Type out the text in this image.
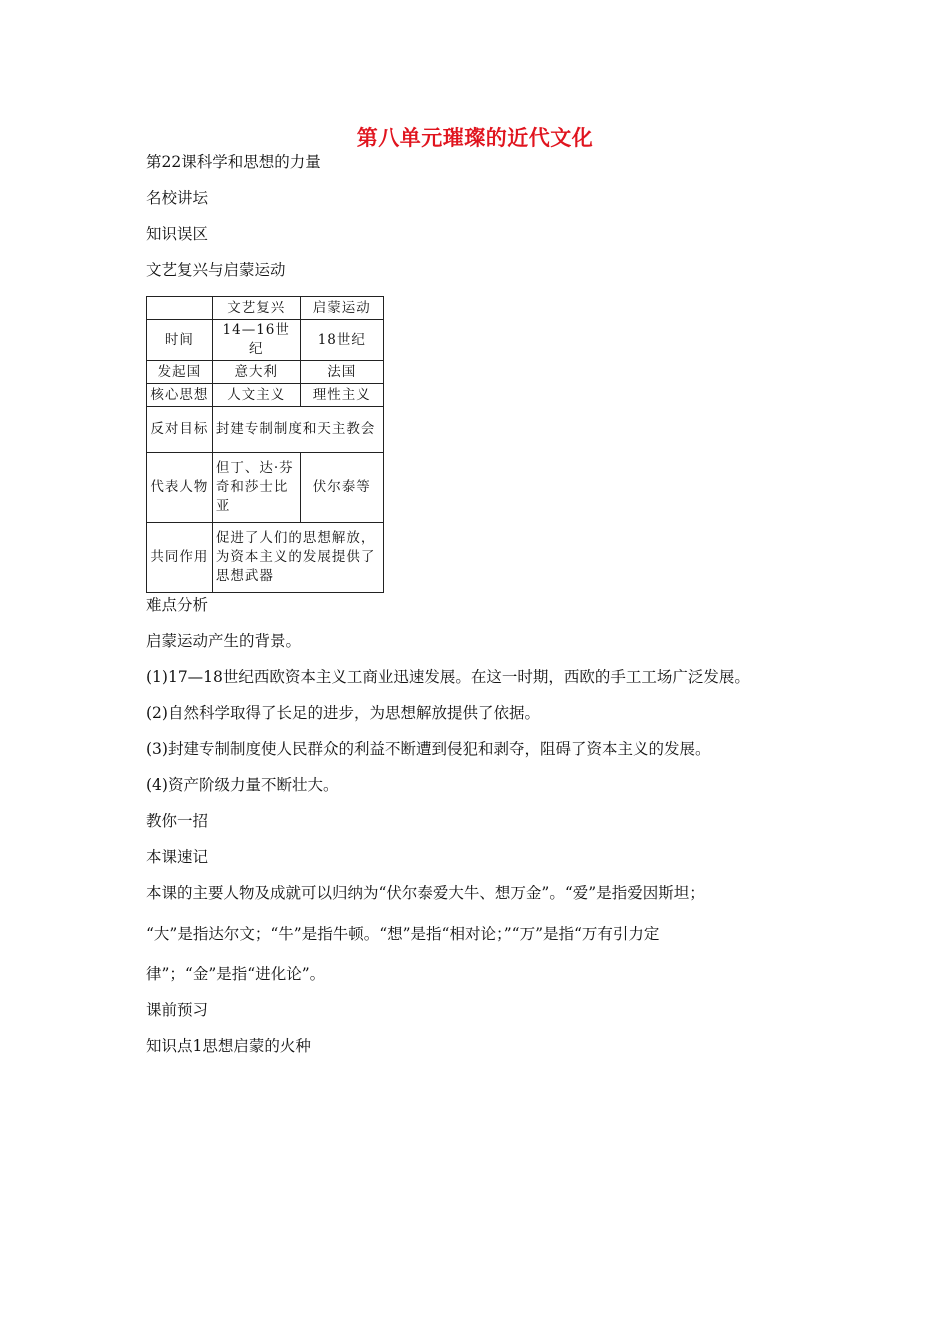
第八单元璀璨的近代文化
第22课科学和思想的力量
名校讲坛
知识误区
文艺复兴与启蒙运动
	文艺复兴	启蒙运动
时间	14—16世纪	18世纪
发起国	意大利	法国
核心思想	人文主义	理性主义
反对目标	封建专制制度和天主教会	
代表人物	但丁、达·芬奇和莎士比亚	伏尔泰等
共同作用	促进了人们的思想解放，为资本主义的发展提供了思想武器	
难点分析
启蒙运动产生的背景。
(1)17—18世纪西欧资本主义工商业迅速发展。在这一时期，西欧的手工工场广泛发展。
(2)自然科学取得了长足的进步，为思想解放提供了依据。
(3)封建专制制度使人民群众的利益不断遭到侵犯和剥夺，阻碍了资本主义的发展。
(4)资产阶级力量不断壮大。
教你一招
本课速记
本课的主要人物及成就可以归纳为“伏尔泰爱大牛、想万金”。“爱”是指爱因斯坦；
“大”是指达尔文；“牛”是指牛顿。“想”是指“相对论；”“万”是指“万有引力定
律”；“金”是指“进化论”。
课前预习
知识点1思想启蒙的火种
